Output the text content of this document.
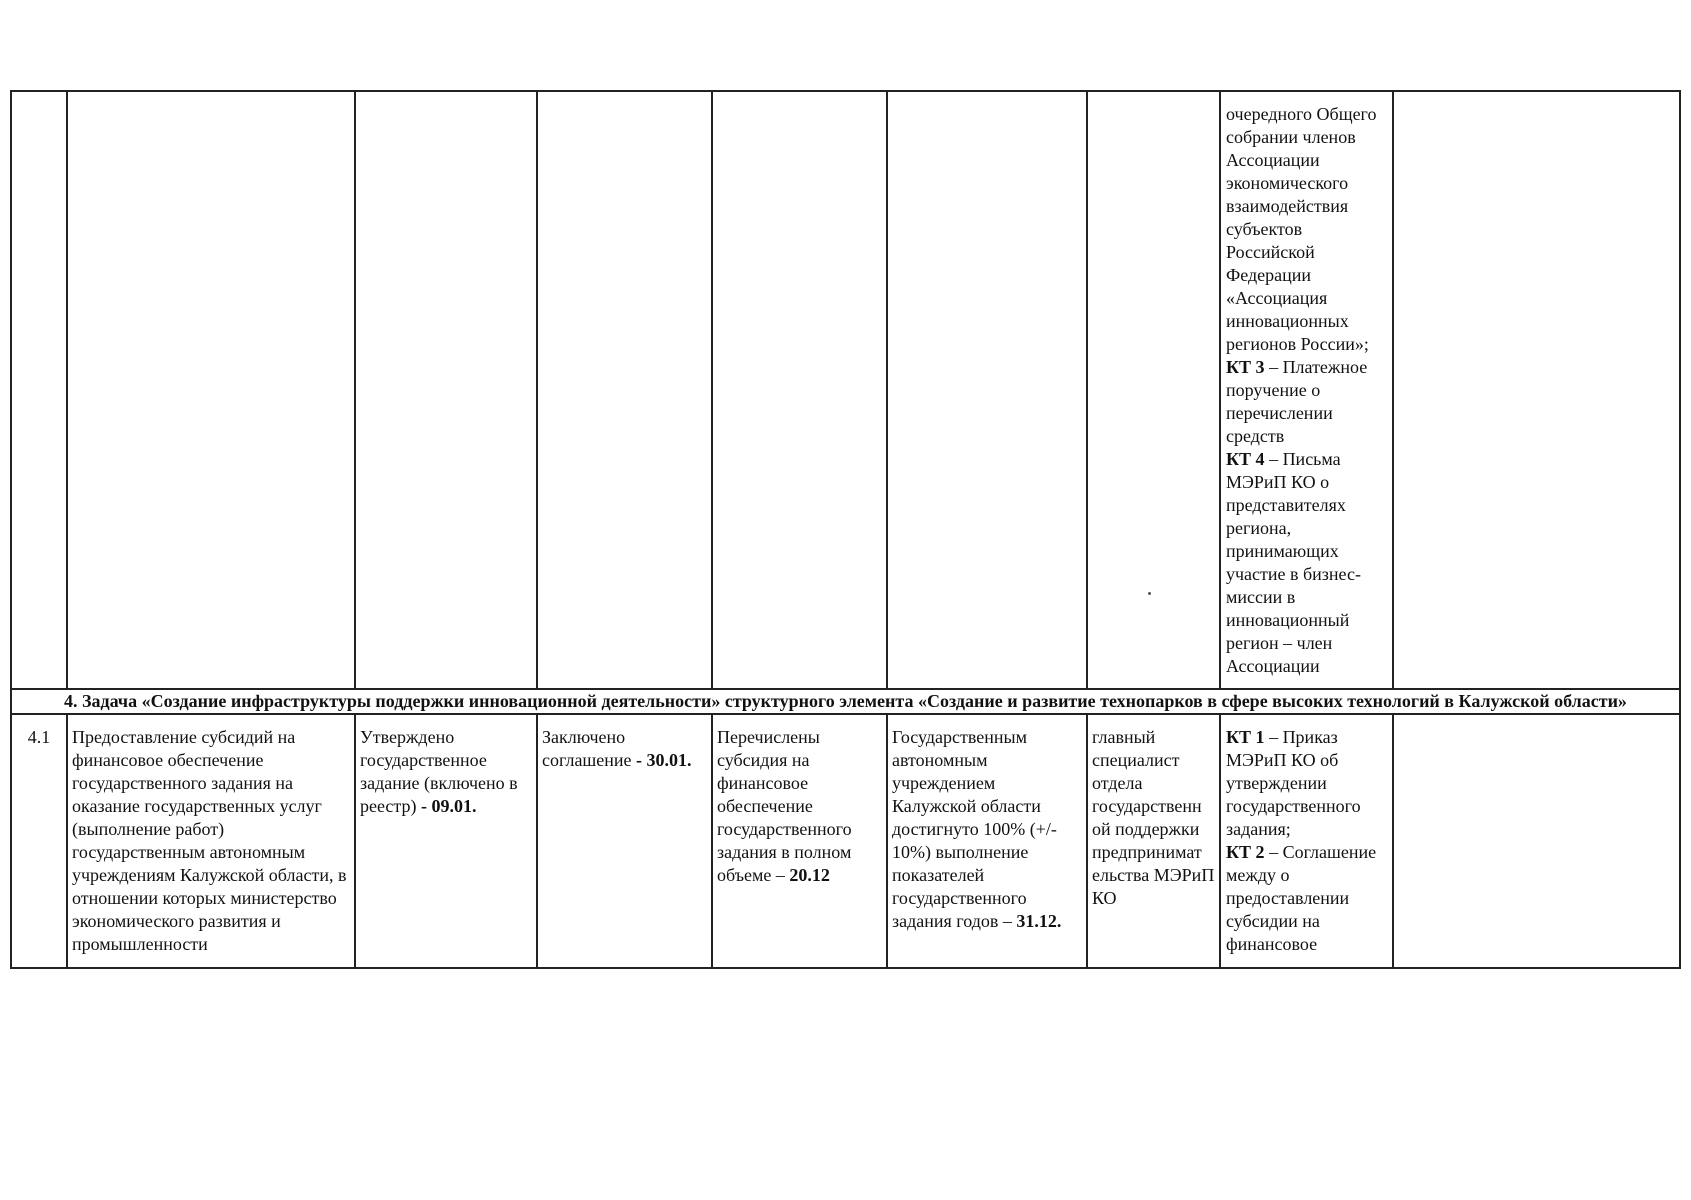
							очередного Общего собрании членов Ассоциации экономического взаимодействия субъектов Российской Федерации «Ассоциация инновационных регионов России»;

КТ 3 – Платежное поручение о перечислении средств

КТ 4 – Письма МЭРиП КО о представителях региона, принимающих участие в бизнес-миссии в инновационный регион – член Ассоциации	

4. Задача «Создание инфраструктуры поддержки инновационной деятельности» структурного элемента «Создание и развитие технопарков в сфере высоких технологий в Калужской области»								

4.1	Предоставление субсидий на финансовое обеспечение государственного задания на оказание государственных услуг (выполнение работ) государственным автономным учреждениям Калужской области, в отношении которых министерство экономического развития и промышленности	Утверждено государственное задание (включено в реестр) - 09.01.	Заключено соглашение - 30.01.	Перечислены субсидия на финансовое обеспечение государственного задания в полном объеме – 20.12	Государственным автономным учреждением Калужской области достигнуто 100% (+/- 10%) выполнение показателей государственного задания годов – 31.12.	главный специалист отдела государственн ой поддержки предпринимат ельства МЭРиП КО	КТ 1 – Приказ МЭРиП КО об утверждении государственного задания;

КТ 2 – Соглашение между о предоставлении субсидии на финансовое	
